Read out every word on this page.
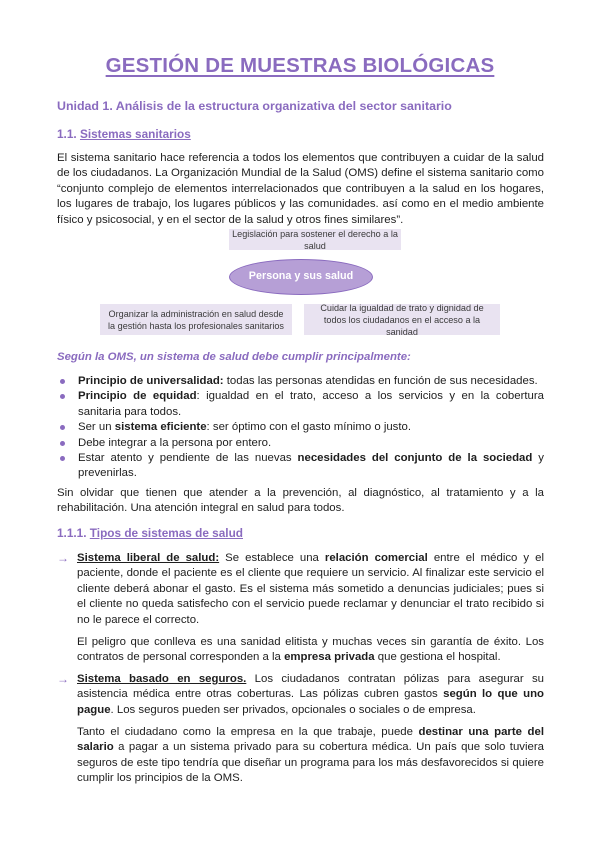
GESTIÓN DE MUESTRAS BIOLÓGICAS
Unidad 1. Análisis de la estructura organizativa del sector sanitario
1.1. Sistemas sanitarios

El sistema sanitario hace referencia a todos los elementos que contribuyen a cuidar de la salud de los ciudadanos. La Organización Mundial de la Salud (OMS) define el sistema sanitario como “conjunto complejo de elementos interrelacionados que contribuyen a la salud en los hogares, los lugares de trabajo, los lugares públicos y las comunidades. así como en el medio ambiente físico y psicosocial, y en el sector de la salud y otros fines similares”.

Legislación para sostener el derecho a la salud
Persona y sus salud
Organizar la administración en salud desde la gestión hasta los profesionales sanitarios
Cuidar la igualdad de trato y dignidad de todos los ciudadanos en el acceso a la sanidad
Según la OMS, un sistema de salud debe cumplir principalmente:
Principio de universalidad: todas las personas atendidas en función de sus necesidades.
Principio de equidad: igualdad en el trato, acceso a los servicios y en la cobertura sanitaria para todos.
Ser un sistema eficiente: ser óptimo con el gasto mínimo o justo.
Debe integrar a la persona por entero.
Estar atento y pendiente de las nuevas necesidades del conjunto de la sociedad y prevenirlas.

Sin olvidar que tienen que atender a la prevención, al diagnóstico, al tratamiento y a la rehabilitación. Una atención integral en salud para todos.

1.1.1. Tipos de sistemas de salud
→ Sistema liberal de salud: Se establece una relación comercial entre el médico y el paciente, donde el paciente es el cliente que requiere un servicio. Al finalizar este servicio el cliente deberá abonar el gasto. Es el sistema más sometido a denuncias judiciales; pues si el cliente no queda satisfecho con el servicio puede reclamar y denunciar el trato recibido si no le parece el correcto.

El peligro que conlleva es una sanidad elitista y muchas veces sin garantía de éxito. Los contratos de personal corresponden a la empresa privada que gestiona el hospital.

→ Sistema basado en seguros. Los ciudadanos contratan pólizas para asegurar su asistencia médica entre otras coberturas. Las pólizas cubren gastos según lo que uno pague. Los seguros pueden ser privados, opcionales o sociales o de empresa.

Tanto el ciudadano como la empresa en la que trabaje, puede destinar una parte del salario a pagar a un sistema privado para su cobertura médica. Un país que solo tuviera seguros de este tipo tendría que diseñar un programa para los más desfavorecidos si quiere cumplir los principios de la OMS.
